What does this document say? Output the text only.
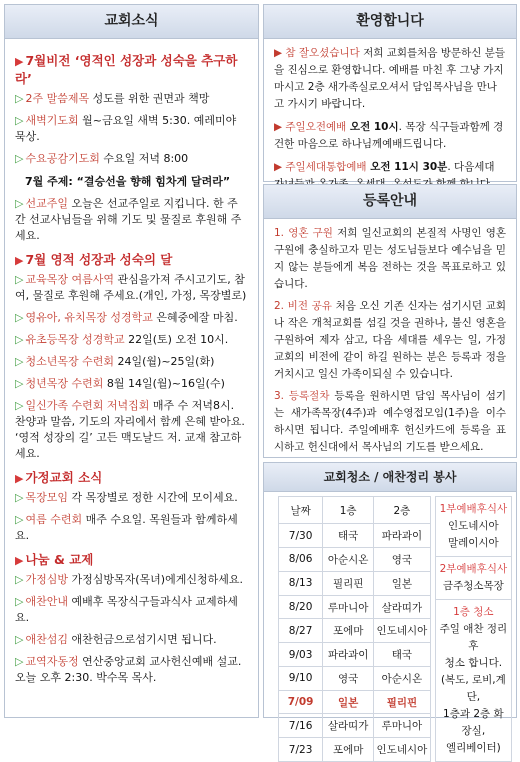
교회소식
▶ 7월비전 ‘영적인 성장과 성숙을 추구하라’
▷ 2주 말씀제목 성도를 위한 권면과 책망
▷ 새벽기도회 월~금요일 새벽 5:30. 예레미야 묵상.
▷ 수요공감기도회 수요일 저녁 8:00
7월 주제: “결승선을 향해 힘차게 달려라”
▷ 선교주일 오늘은 선교주일로 지킵니다. 한 주간 선교사님들을 위해 기도 및 물질로 후원해 주세요.
▶ 7월 영적 성장과 성숙의 달
▷ 교육목장 여름사역 관심을가져 주시고기도, 참여, 물질로 후원해 주세요.(개인, 가정, 목장별로)
▷ 영유아, 유치목장 성경학교 은혜중에잘 마침.
▷ 유초등목장 성경학교 22일(토) 오전 10시.
▷ 청소년목장 수련회 24일(월)~25일(화)
▷ 청년목장 수련회 8월 14일(월)~16일(수)
▷ 일신가족 수련회 저녁집회 매주 수 저녁8시. 찬양과 말씀, 기도의 자리에서 함께 은혜 받아요. ‘영적 성장의 길’ 고든 맥도날드 저. 교재 참고하세요.
▶ 가정교회 소식
▷ 목장모임 각 목장별로 정한 시간에 모이세요.
▷ 여름 수련회 매주 수요일. 목원들과 함께하세요.
▶ 나눔 & 교제
▷ 가정심방 가정심방목자(목녀)에게신청하세요.
▷ 애찬안내 예배후 목장식구들과식사 교제하세요.
▷ 애찬섬김 애찬헌금으로섬기시면 됩니다.
▷ 교역자동정 연산중앙교회 교사헌신예배 설교. 오늘 오후 2:30. 박수목 목사.
환영합니다

▶ 참 잘오셨습니다 저희 교회를처음 방문하신 분들을 진심으로 환영합니다. 예배를 마친 후 그냥 가지 마시고 2층 새가족실로오셔서 담임목사님을 만나고 가시기 바랍니다.

▶ 주일오전예배 오전 10시. 목장 식구들과함께 경건한 마음으로 하나님께예배드립니다.

▶ 주일세대통합예배 오전 11시 30분. 다음세대

등록안내

1. 영혼 구원 저희 일신교회의 본질적 사명인 영혼구원에 충실하고자 믿는 성도님들보다 예수님을 믿지 않는 분들에게 복음 전하는 것을 목표로하고 있습니다.

2. 비전 공유 처음 오신 기존 신자는 섬기시던 교회나 작은 개척교회를 섬길 것을 권하나, 불신 영혼을 구원하여 제자 삼고, 다음 세대를 세우는 일, 가정교회의 비전에 같이 하길 원하는 분은 등록과 정을 거치시고 일신 가족이되실 수 있습니다.

3. 등록절차 등록을 원하시면 담임 목사님이 섬기는 새가족목장(4주)과 예수영접모임(1주)을 이수하시면 됩니다. 주일예배후 헌신카드에 등록을 표시하고 헌신대에서 목사님의 기도를 받으세요.

교회청소 / 애찬정리 봉사
날짜	1층	2층
7/30	태국	파라과이
8/06	아순시온	영국
8/13	필리핀	일본
8/20	루마니아	살라띠가
8/27	포에마	인도네시아
9/03	파라과이	태국
9/10	영국	아순시온
7/09	일본	필리핀
7/16	살라띠가	루마니아
7/23	포에마	인도네시아
1부예배후식사
인도네시아
말레이시아
2부예배후식사
금주청소목장
1층 청소
주일 애찬 정리후
청소 합니다.
(복도, 로비,계단,
1층과 2층 화장실,
엘리베이터)
